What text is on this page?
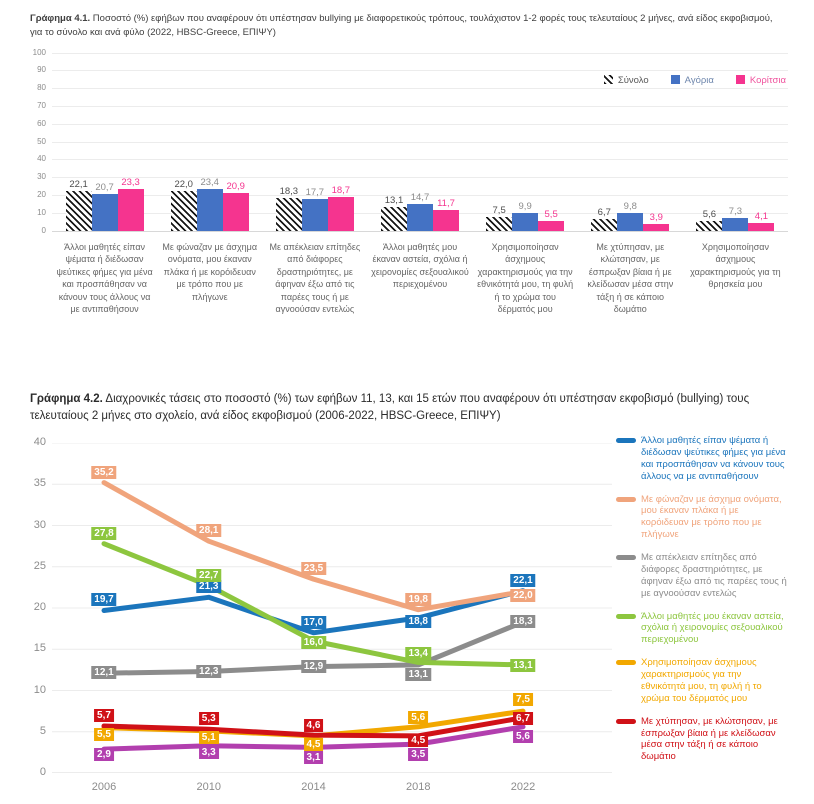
Γράφημα 4.1. Ποσοστό (%) εφήβων που αναφέρουν ότι υπέστησαν bullying με διαφορετικούς τρόπους, τουλάχιστον 1-2 φορές τους τελευταίους 2 μήνες, ανά είδος εκφοβισμού, για το σύνολο και ανά φύλο (2022, HBSC-Greece, ΕΠΙΨΥ)

22,1 20,7 23,3	22,0 23,4 20,9	18,3 17,7 18,7
13,1 14,7 11,7
7,5 9,9
5,5	6,7
9,8
3,9	5,6 7,3
4,1
Σύνολο	Αγόρια	Κορίτσια
Άλλοι μαθητές είπαν ψέματα ή διέδωσαν ψεύτικες φήμες για μένα και προσπάθησαν να κάνουν τους άλλους να με αντιπαθήσουν
Με φώναζαν με άσχημα ονόματα, μου έκαναν πλάκα ή με κορόιδευαν με τρόπο που με πλήγωνε
Με απέκλειαν επίτηδες από διάφορες δραστηριότητες, με άφηναν έξω από τις παρέες τους ή με αγνοούσαν εντελώς
Άλλοι μαθητές μου έκαναν αστεία, σχόλια ή χειρονομίες σεξουαλικού περιεχομένου
Χρησιμοποίησαν άσχημους χαρακτηρισμούς για την εθνικότητά μου, τη φυλή ή το χρώμα του δέρματός μου
Με χτύπησαν, με κλώτσησαν, με έσπρωξαν βίαια ή με κλείδωσαν μέσα στην τάξη ή σε κάποιο δωμάτιο
Χρησιμοποίησαν άσχημους χαρακτηρισμούς για τη θρησκεία μου
0
10
20
30
40
50
60
70
80
90
100

Γράφημα 4.2. Διαχρονικές τάσεις στο ποσοστό (%) των εφήβων 11, 13, και 15 ετών που αναφέρουν ότι υπέστησαν εκφοβισμό (bullying) τους τελευταίους 2 μήνες στο σχολείο, ανά είδος εκφοβισμού (2006-2022, HBSC-Greece, ΕΠΙΨΥ)

0
5
10
15
20
25
30
35
40
19,7
21,3
17,0	18,8
22,1
35,2
28,1
23,5
19,8	22,0
12,1	12,3	12,9
13,1
18,3
27,8
22,7
16,0
13,4
13,1
5,5	5,1
4,5
5,6
7,5
5,7	5,3
4,6
4,5
6,7
2,9	3,3
3,1	3,5
5,6
2006	2010	2014	2018	2022
Άλλοι μαθητές είπαν ψέματα ή διέδωσαν ψεύτικες φήμες για μένα και προσπάθησαν να κάνουν τους άλλους να με αντιπαθήσουν
Με φώναζαν με άσχημα ονόματα, μου έκαναν πλάκα ή με κορόιδευαν με τρόπο που με πλήγωνε
Με απέκλειαν επίτηδες από διάφορες δραστηριότητες, με άφηναν έξω από τις παρέες τους ή με αγνοούσαν εντελώς
Άλλοι μαθητές μου έκαναν αστεία, σχόλια ή χειρονομίες σεξουαλικού περιεχομένου
Χρησιμοποίησαν άσχημους χαρακτηρισμούς για την εθνικότητά μου, τη φυλή ή το χρώμα του δέρματός μου
Με χτύπησαν, με κλώτσησαν, με έσπρωξαν βίαια ή με κλείδωσαν μέσα στην τάξη ή σε κάποιο δωμάτιο
